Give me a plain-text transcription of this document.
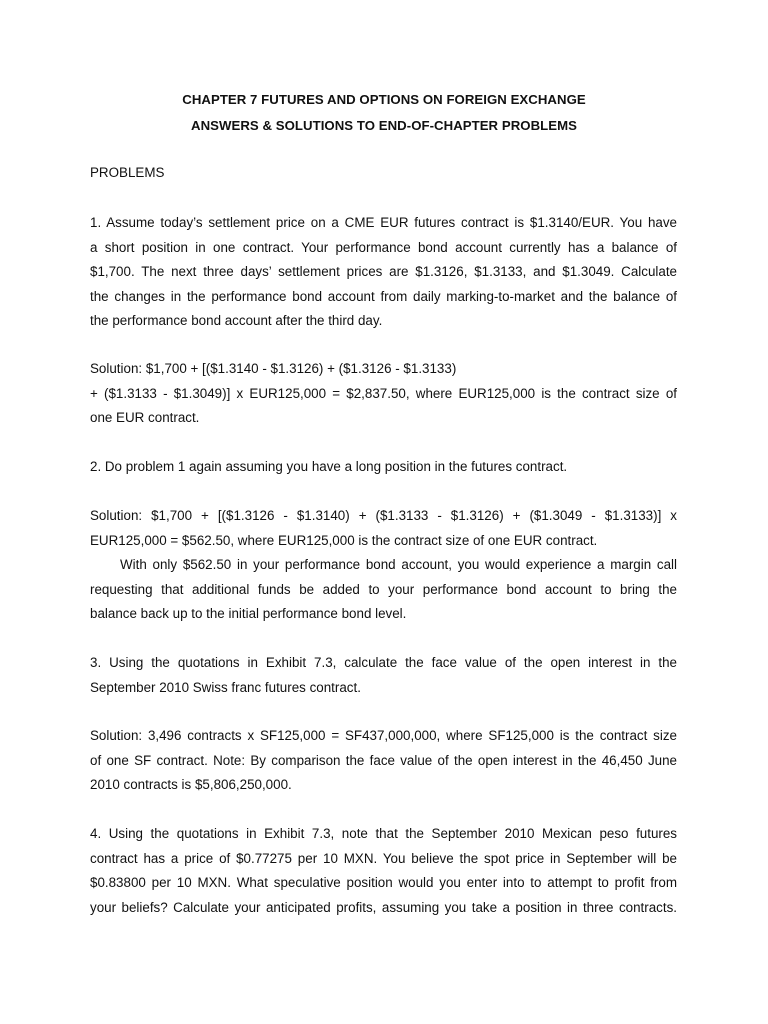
CHAPTER 7 FUTURES AND OPTIONS ON FOREIGN EXCHANGE
ANSWERS & SOLUTIONS TO END-OF-CHAPTER PROBLEMS
PROBLEMS
1. Assume today’s settlement price on a CME EUR futures contract is $1.3140/EUR. You have
a short position in one contract. Your performance bond account currently has a balance of
$1,700. The next three days’ settlement prices are $1.3126, $1.3133, and $1.3049. Calculate
the changes in the performance bond account from daily marking-to-market and the balance of
the performance bond account after the third day.
Solution: $1,700 + [($1.3140 - $1.3126) + ($1.3126 - $1.3133)
+ ($1.3133 - $1.3049)] x EUR125,000 = $2,837.50, where EUR125,000 is the contract size of
one EUR contract.
2. Do problem 1 again assuming you have a long position in the futures contract.
Solution: $1,700 + [($1.3126 - $1.3140) + ($1.3133 - $1.3126) + ($1.3049 - $1.3133)] x
EUR125,000 = $562.50, where EUR125,000 is the contract size of one EUR contract.
With only $562.50 in your performance bond account, you would experience a margin call
requesting that additional funds be added to your performance bond account to bring the
balance back up to the initial performance bond level.
3. Using the quotations in Exhibit 7.3, calculate the face value of the open interest in the
September 2010 Swiss franc futures contract.
Solution: 3,496 contracts x SF125,000 = SF437,000,000, where SF125,000 is the contract size
of one SF contract. Note: By comparison the face value of the open interest in the 46,450 June
2010 contracts is $5,806,250,000.
4. Using the quotations in Exhibit 7.3, note that the September 2010 Mexican peso futures
contract has a price of $0.77275 per 10 MXN. You believe the spot price in September will be
$0.83800 per 10 MXN. What speculative position would you enter into to attempt to profit from
your beliefs? Calculate your anticipated profits, assuming you take a position in three contracts.
